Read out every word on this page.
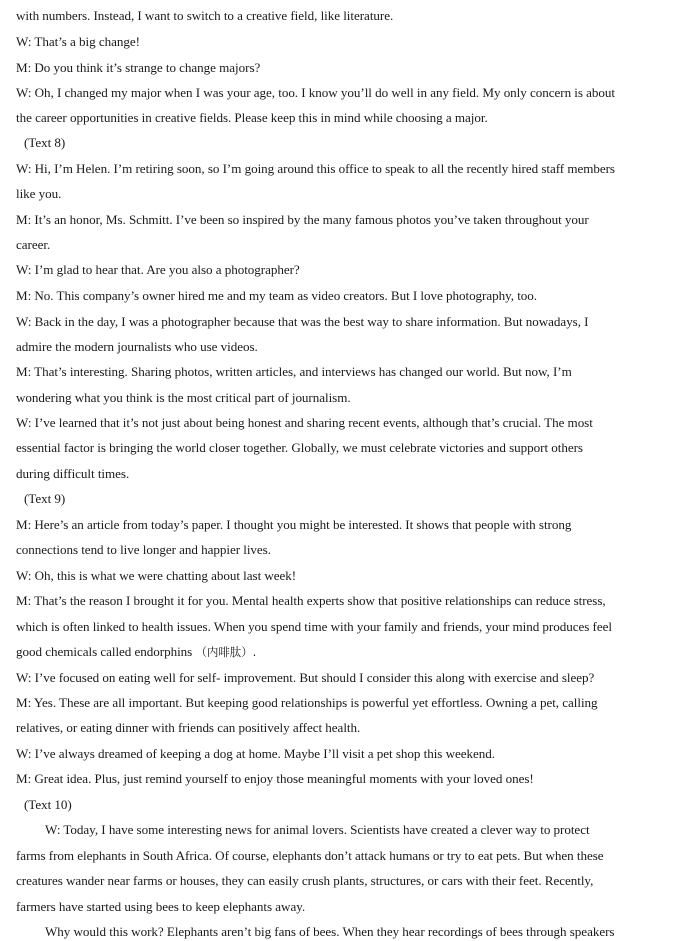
with numbers. Instead, I want to switch to a creative field, like literature.
W: That’s a big change!
M: Do you think it’s strange to change majors?
W: Oh, I changed my major when I was your age, too. I know you’ll do well in any field. My only concern is about
the career opportunities in creative fields. Please keep this in mind while choosing a major.
(Text 8)
W: Hi, I’m Helen. I’m retiring soon, so I’m going around this office to speak to all the recently hired staff members
like you.
M: It’s an honor, Ms. Schmitt. I’ve been so inspired by the many famous photos you’ve taken throughout your
career.
W: I’m glad to hear that. Are you also a photographer?
M: No. This company’s owner hired me and my team as video creators. But I love photography, too.
W: Back in the day, I was a photographer because that was the best way to share information. But nowadays, I
admire the modern journalists who use videos.
M: That’s interesting. Sharing photos, written articles, and interviews has changed our world. But now, I’m
wondering what you think is the most critical part of journalism.
W: I’ve learned that it’s not just about being honest and sharing recent events, although that’s crucial. The most
essential factor is bringing the world closer together. Globally, we must celebrate victories and support others
during difficult times.
(Text 9)
M: Here’s an article from today’s paper. I thought you might be interested. It shows that people with strong
connections tend to live longer and happier lives.
W: Oh, this is what we were chatting about last week!
M: That’s the reason I brought it for you. Mental health experts show that positive relationships can reduce stress,
which is often linked to health issues. When you spend time with your family and friends, your mind produces feel
good chemicals called endorphins （内啡肽）.
W: I’ve focused on eating well for self- improvement. But should I consider this along with exercise and sleep?
M: Yes. These are all important. But keeping good relationships is powerful yet effortless. Owning a pet, calling
relatives, or eating dinner with friends can positively affect health.
W: I’ve always dreamed of keeping a dog at home. Maybe I’ll visit a pet shop this weekend.
M: Great idea. Plus, just remind yourself to enjoy those meaningful moments with your loved ones!
(Text 10)
W: Today, I have some interesting news for animal lovers. Scientists have created a clever way to protect
farms from elephants in South Africa. Of course, elephants don’t attack humans or try to eat pets. But when these
creatures wander near farms or houses, they can easily crush plants, structures, or cars with their feet. Recently,
farmers have started using bees to keep elephants away.
Why would this work? Elephants aren’t big fans of bees. When they hear recordings of bees through speakers
